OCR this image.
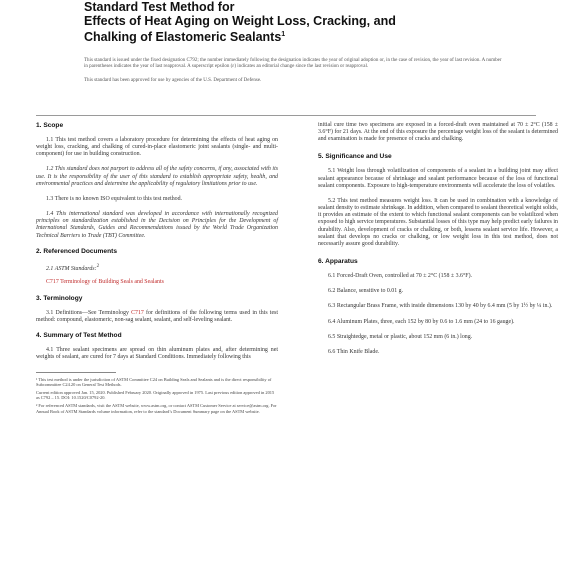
Standard Test Method for
Effects of Heat Aging on Weight Loss, Cracking, and
Chalking of Elastomeric Sealants$^1$
This standard is issued under the fixed designation C792; the number immediately following the designation indicates the year of original adoption or, in the case of revision, the year of last revision. A number in parentheses indicates the year of last reapproval. A superscript epsilon (ε) indicates an editorial change since the last revision or reapproval.
This standard has been approved for use by agencies of the U.S. Department of Defense.
1. Scope
1.1 This test method covers a laboratory procedure for determining the effects of heat aging on weight loss, cracking, and chalking of cured-in-place elastomeric joint sealants (single- and multi-component) for use in building construction.
1.2 This standard does not purport to address all of the safety concerns, if any, associated with its use. It is the responsibility of the user of this standard to establish appropriate safety, health, and environmental practices and determine the applicability of regulatory limitations prior to use.
1.3 There is no known ISO equivalent to this test method.
1.4 This international standard was developed in accordance with internationally recognized principles on standardization established in the Decision on Principles for the Development of International Standards, Guides and Recommendations issued by the World Trade Organization Technical Barriers to Trade (TBT) Committee.
2. Referenced Documents
2.1 ASTM Standards:$^2$
C717 Terminology of Building Seals and Sealants
3. Terminology
3.1 Definitions—See Terminology C717 for definitions of the following terms used in this test method: compound, elastomeric, non-sag sealant, sealant, and self-leveling sealant.
4. Summary of Test Method
4.1 Three sealant specimens are spread on thin aluminum plates and, after determining net weights of sealant, are cured for 7 days at Standard Conditions. Immediately following this
¹ This test method is under the jurisdiction of ASTM Committee C24 on Building Seals and Sealants and is the direct responsibility of Subcommittee C24.20 on General Test Methods.
Current edition approved Jan. 15, 2020. Published February 2020. Originally approved in 1975. Last previous edition approved in 2015 as C792 – 15. DOI: 10.1520/C0792-20.
² For referenced ASTM standards, visit the ASTM website, www.astm.org, or contact ASTM Customer Service at service@astm.org. For Annual Book of ASTM Standards volume information, refer to the standard’s Document Summary page on the ASTM website.
initial cure time two specimens are exposed in a forced-draft oven maintained at 70 ± 2°C (158 ± 3.6°F) for 21 days. At the end of this exposure the percentage weight loss of the sealant is determined and examination is made for presence of cracks and chalking.
5. Significance and Use
5.1 Weight loss through volatilization of components of a sealant in a building joint may affect sealant appearance because of shrinkage and sealant performance because of the loss of functional sealant components. Exposure to high-temperature environments will accelerate the loss of volatiles.
5.2 This test method measures weight loss. It can be used in combination with a knowledge of sealant density to estimate shrinkage. In addition, when compared to sealant theoretical weight solids, it provides an estimate of the extent to which functional sealant components can be volatilized when exposed to high service temperatures. Substantial losses of this type may help predict early failures in durability. Also, development of cracks or chalking, or both, lessens sealant service life. However, a sealant that develops no cracks or chalking, or low weight loss in this test method, does not necessarily assure good durability.
6. Apparatus
6.1 Forced-Draft Oven, controlled at 70 ± 2°C (158 ± 3.6°F).
6.2 Balance, sensitive to 0.01 g.
6.3 Rectangular Brass Frame, with inside dimensions 130 by 40 by 6.4 mm (5 by 1½ by ¼ in.).
6.4 Aluminum Plates, three, each 152 by 80 by 0.6 to 1.6 mm (24 to 16 gauge).
6.5 Straightedge, metal or plastic, about 152 mm (6 in.) long.
6.6 Thin Knife Blade.
